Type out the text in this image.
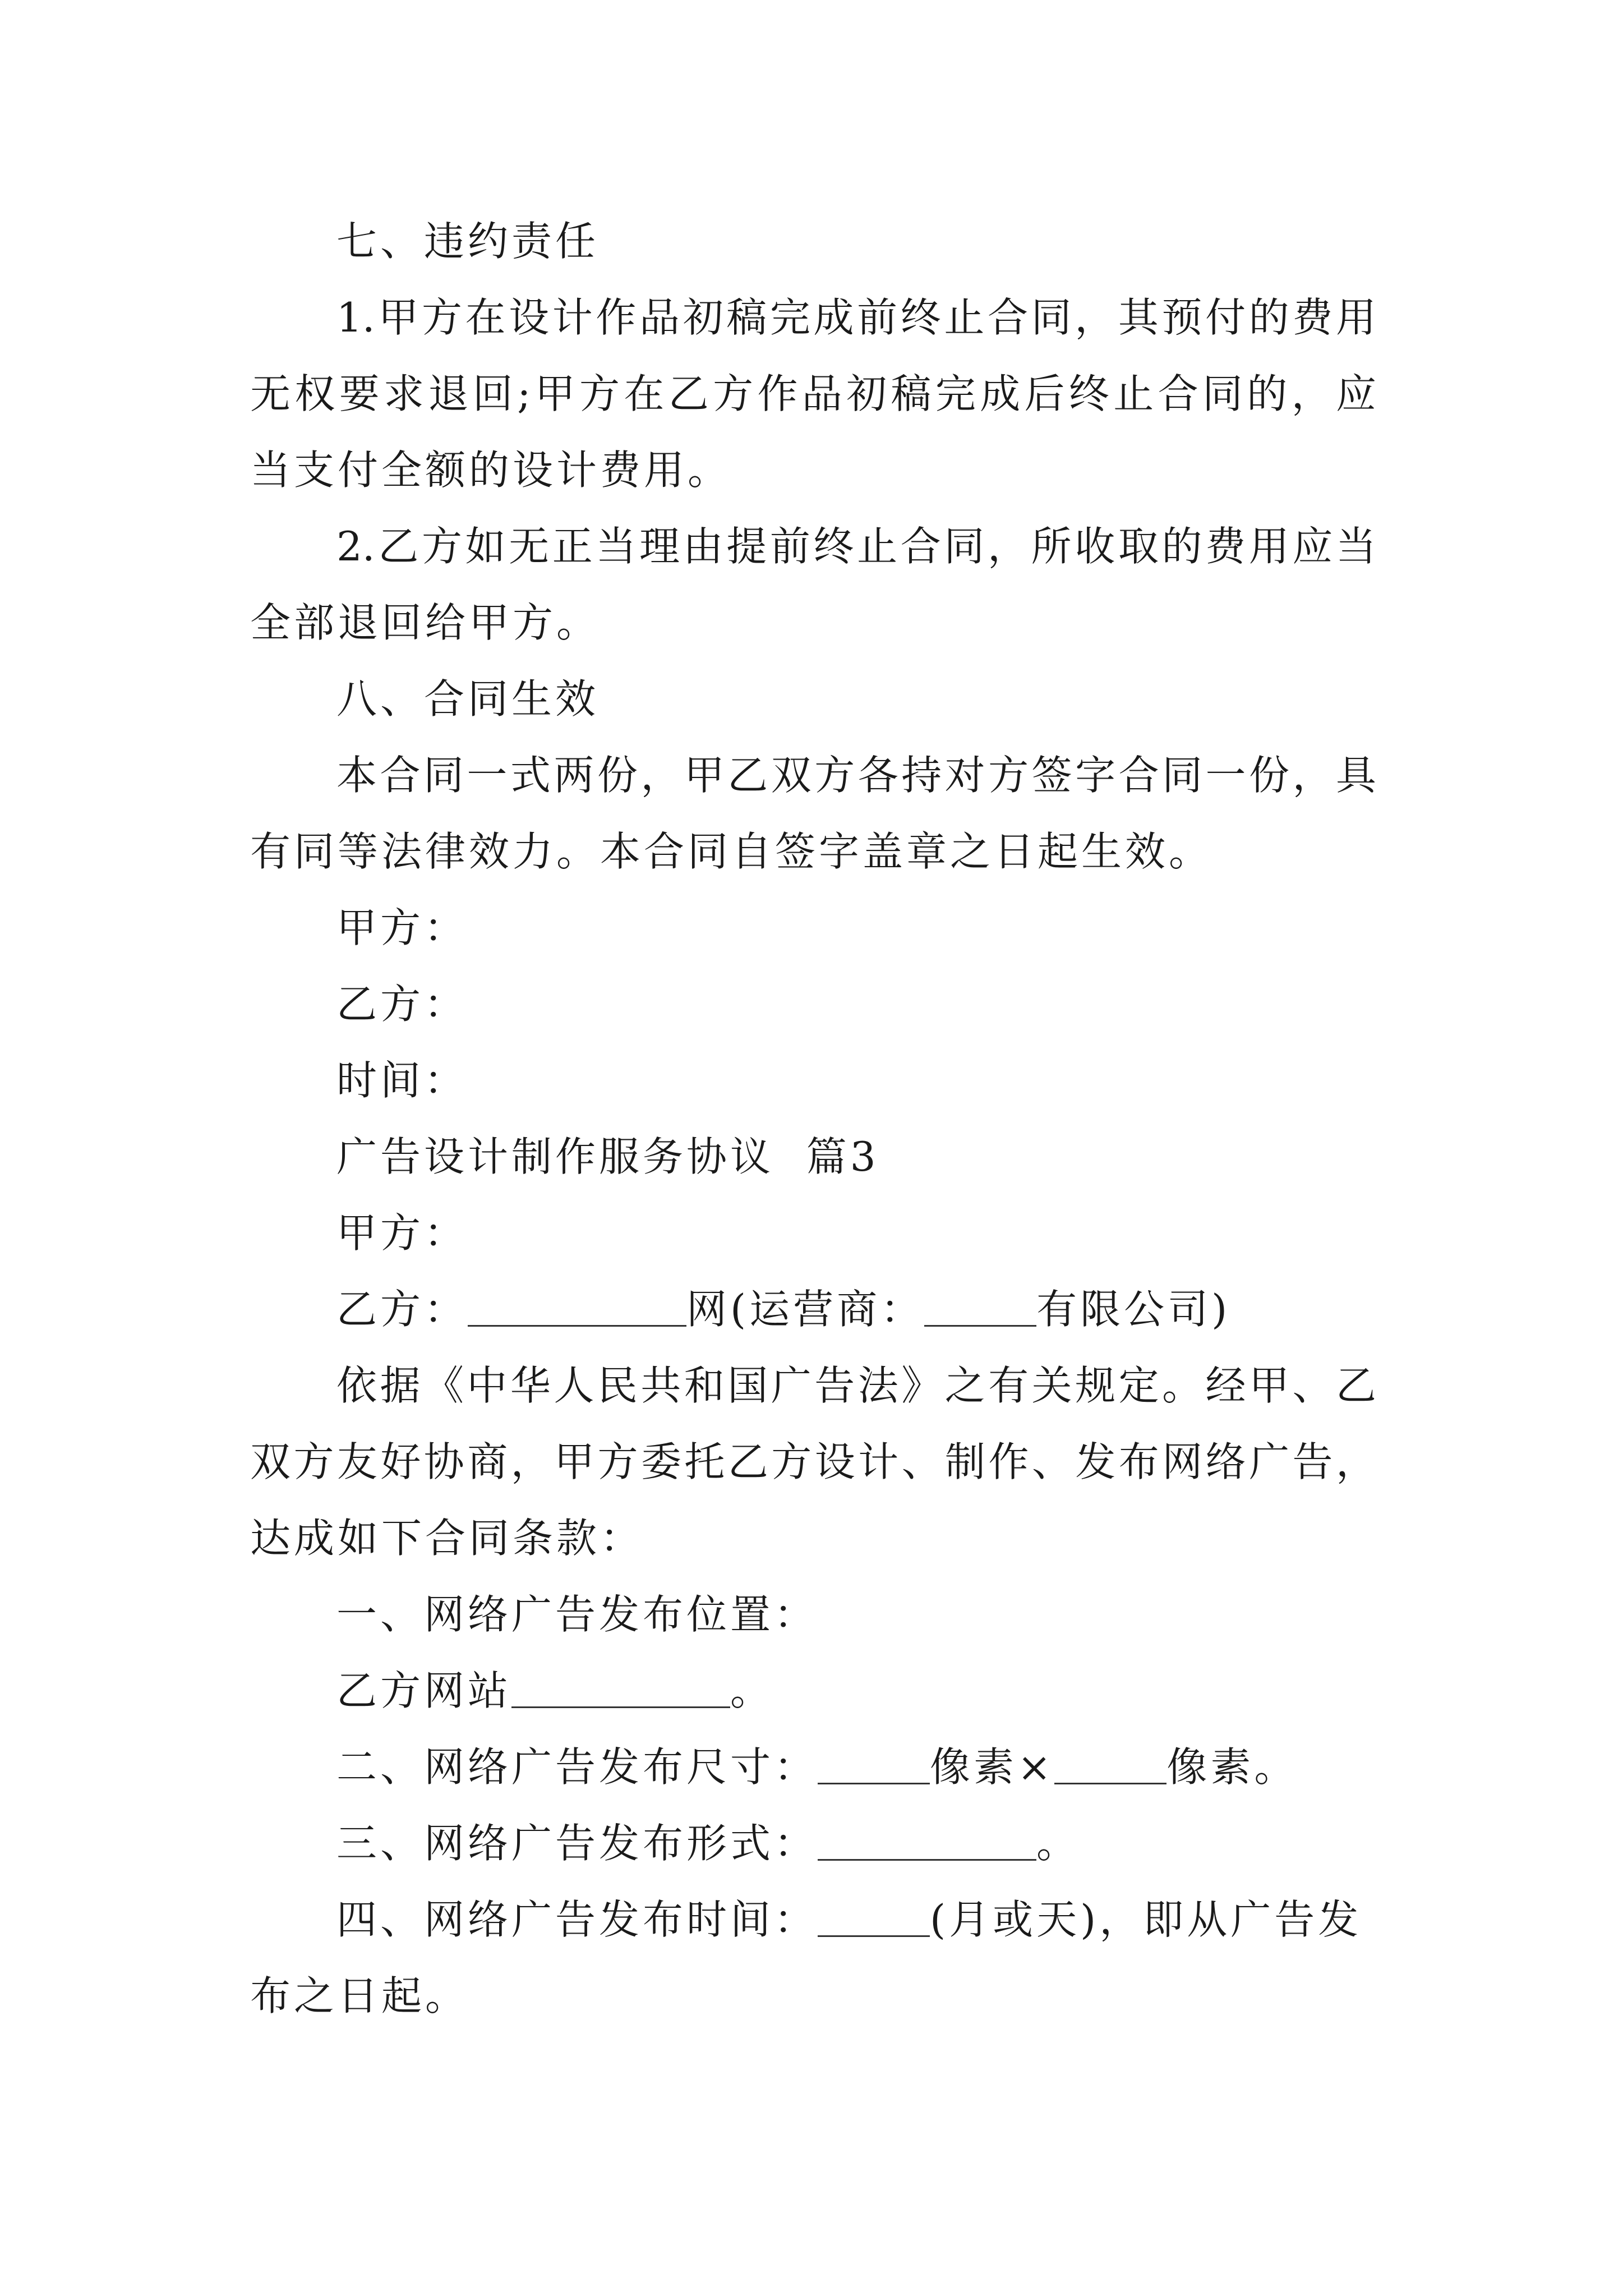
七、违约责任
1.甲方在设计作品初稿完成前终止合同，其预付的费用
无权要求退回;甲方在乙方作品初稿完成后终止合同的，应
当支付全额的设计费用。
2.乙方如无正当理由提前终止合同，所收取的费用应当
全部退回给甲方。
八、合同生效
本合同一式两份，甲乙双方各持对方签字合同一份，具
有同等法律效力。本合同自签字盖章之日起生效。
甲方：
乙方：
时间：
广告设计制作服务协议  篇3
甲方：
乙方：	网(运营商：	有限公司)
依据《中华人民共和国广告法》之有关规定。经甲、乙
双方友好协商，甲方委托乙方设计、制作、发布网络广告，
达成如下合同条款：
一、网络广告发布位置：
乙方网站	。
二、网络广告发布尺寸：	像素×	像素。
三、网络广告发布形式：	。
四、网络广告发布时间：	(月或天)，即从广告发
布之日起。
